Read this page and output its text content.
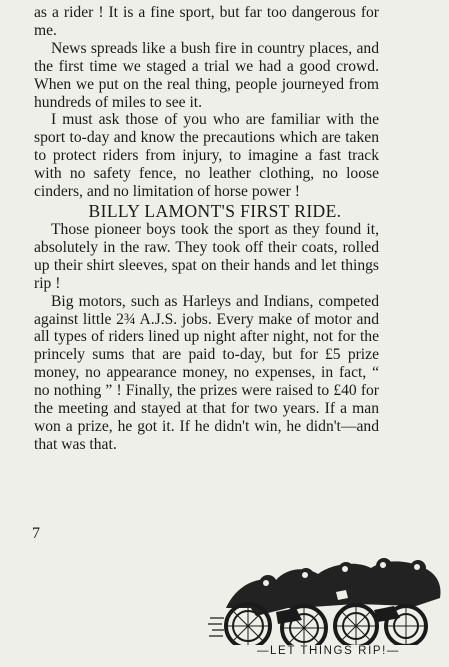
as a rider ! It is a fine sport, but far too dangerous for me.

News spreads like a bush fire in country places, and the first time we staged a trial we had a good crowd. When we put on the real thing, people journeyed from hundreds of miles to see it.

I must ask those of you who are familiar with the sport to-day and know the precautions which are taken to protect riders from injury, to imagine a fast track with no safety fence, no leather clothing, no loose cinders, and no limitation of horse power !

BILLY LAMONT'S FIRST RIDE.

Those pioneer boys took the sport as they found it, absolutely in the raw. They took off their coats, rolled up their shirt sleeves, spat on their hands and let things rip !

Big motors, such as Harleys and Indians, competed against little 2¾ A.J.S. jobs. Every make of motor and all types of riders lined up night after night, not for the princely sums that are paid to-day, but for £5 prize money, no appearance money, no expenses, in fact, “ no nothing ” ! Finally, the prizes were raised to £40 for the meeting and stayed at that for two years. If a man won a prize, he got it. If he didn't win, he didn't—and that was that.

7
—LET THINGS RIP!—
